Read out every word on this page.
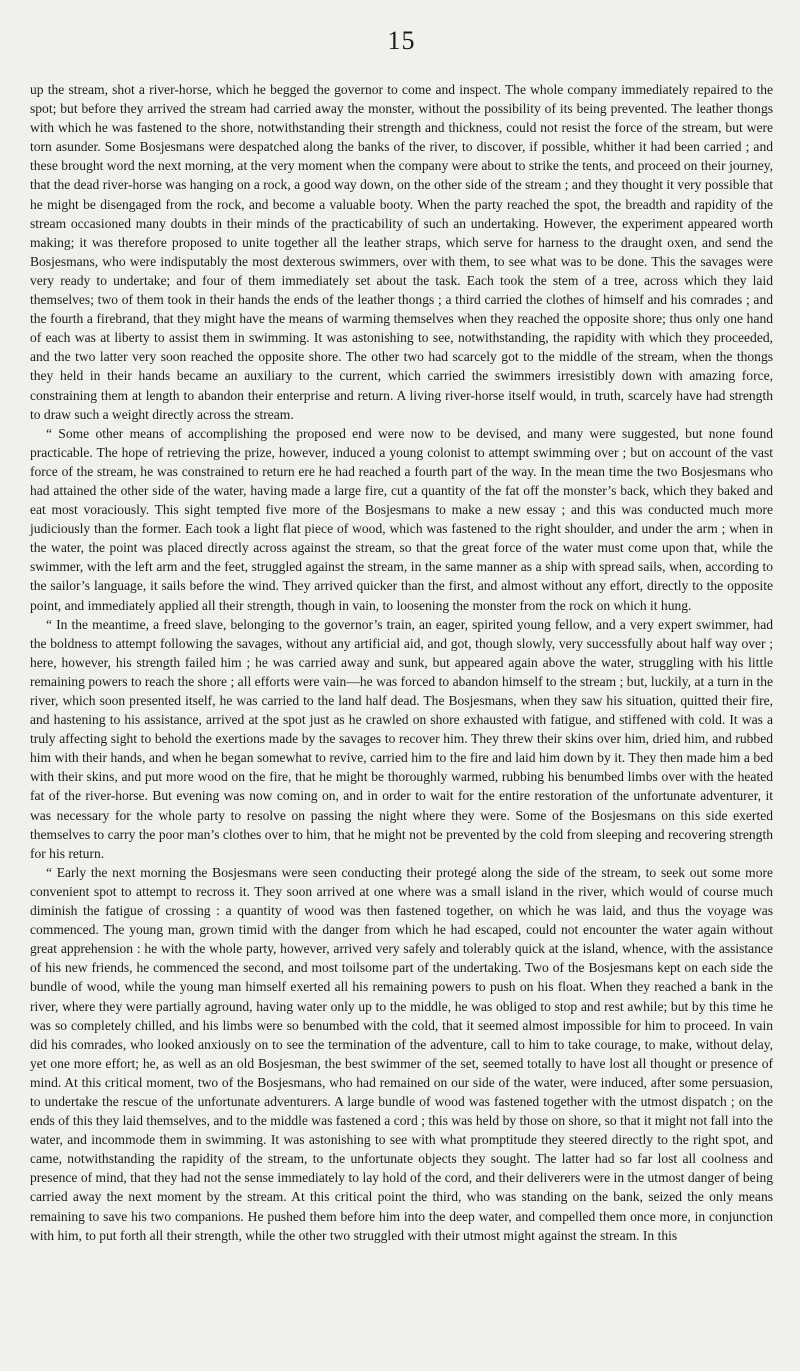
15

up the stream, shot a river-horse, which he begged the governor to come and inspect. The whole company immediately repaired to the spot; but before they arrived the stream had carried away the monster, without the possibility of its being prevented. The leather thongs with which he was fastened to the shore, notwithstanding their strength and thickness, could not resist the force of the stream, but were torn asunder. Some Bosjesmans were despatched along the banks of the river, to discover, if possible, whither it had been carried ; and these brought word the next morning, at the very moment when the company were about to strike the tents, and proceed on their journey, that the dead river-horse was hanging on a rock, a good way down, on the other side of the stream ; and they thought it very possible that he might be disengaged from the rock, and become a valuable booty. When the party reached the spot, the breadth and rapidity of the stream occasioned many doubts in their minds of the practicability of such an undertaking. However, the experiment appeared worth making; it was therefore proposed to unite together all the leather straps, which serve for harness to the draught oxen, and send the Bosjesmans, who were indisputably the most dexterous swimmers, over with them, to see what was to be done. This the savages were very ready to undertake; and four of them immediately set about the task. Each took the stem of a tree, across which they laid themselves; two of them took in their hands the ends of the leather thongs ; a third carried the clothes of himself and his comrades ; and the fourth a firebrand, that they might have the means of warming themselves when they reached the opposite shore; thus only one hand of each was at liberty to assist them in swimming. It was astonishing to see, notwithstanding, the rapidity with which they proceeded, and the two latter very soon reached the opposite shore. The other two had scarcely got to the middle of the stream, when the thongs they held in their hands became an auxiliary to the current, which carried the swimmers irresistibly down with amazing force, constraining them at length to abandon their enterprise and return. A living river-horse itself would, in truth, scarcely have had strength to draw such a weight directly across the stream.

“ Some other means of accomplishing the proposed end were now to be devised, and many were suggested, but none found practicable. The hope of retrieving the prize, however, induced a young colonist to attempt swimming over ; but on account of the vast force of the stream, he was constrained to return ere he had reached a fourth part of the way. In the mean time the two Bosjesmans who had attained the other side of the water, having made a large fire, cut a quantity of the fat off the monster’s back, which they baked and eat most voraciously. This sight tempted five more of the Bosjesmans to make a new essay ; and this was conducted much more judiciously than the former. Each took a light flat piece of wood, which was fastened to the right shoulder, and under the arm ; when in the water, the point was placed directly across against the stream, so that the great force of the water must come upon that, while the swimmer, with the left arm and the feet, struggled against the stream, in the same manner as a ship with spread sails, when, according to the sailor’s language, it sails before the wind. They arrived quicker than the first, and almost without any effort, directly to the opposite point, and immediately applied all their strength, though in vain, to loosening the monster from the rock on which it hung.

“ In the meantime, a freed slave, belonging to the governor’s train, an eager, spirited young fellow, and a very expert swimmer, had the boldness to attempt following the savages, without any artificial aid, and got, though slowly, very successfully about half way over ; here, however, his strength failed him ; he was carried away and sunk, but appeared again above the water, struggling with his little remaining powers to reach the shore ; all efforts were vain—he was forced to abandon himself to the stream ; but, luckily, at a turn in the river, which soon presented itself, he was carried to the land half dead. The Bosjesmans, when they saw his situation, quitted their fire, and hastening to his assistance, arrived at the spot just as he crawled on shore exhausted with fatigue, and stiffened with cold. It was a truly affecting sight to behold the exertions made by the savages to recover him. They threw their skins over him, dried him, and rubbed him with their hands, and when he began somewhat to revive, carried him to the fire and laid him down by it. They then made him a bed with their skins, and put more wood on the fire, that he might be thoroughly warmed, rubbing his benumbed limbs over with the heated fat of the river-horse. But evening was now coming on, and in order to wait for the entire restoration of the unfortunate adventurer, it was necessary for the whole party to resolve on passing the night where they were. Some of the Bosjesmans on this side exerted themselves to carry the poor man’s clothes over to him, that he might not be prevented by the cold from sleeping and recovering strength for his return.

“ Early the next morning the Bosjesmans were seen conducting their protegé along the side of the stream, to seek out some more convenient spot to attempt to recross it. They soon arrived at one where was a small island in the river, which would of course much diminish the fatigue of crossing : a quantity of wood was then fastened together, on which he was laid, and thus the voyage was commenced. The young man, grown timid with the danger from which he had escaped, could not encounter the water again without great apprehension : he with the whole party, however, arrived very safely and tolerably quick at the island, whence, with the assistance of his new friends, he commenced the second, and most toilsome part of the undertaking. Two of the Bosjesmans kept on each side the bundle of wood, while the young man himself exerted all his remaining powers to push on his float. When they reached a bank in the river, where they were partially aground, having water only up to the middle, he was obliged to stop and rest awhile; but by this time he was so completely chilled, and his limbs were so benumbed with the cold, that it seemed almost impossible for him to proceed. In vain did his comrades, who looked anxiously on to see the termination of the adventure, call to him to take courage, to make, without delay, yet one more effort; he, as well as an old Bosjesman, the best swimmer of the set, seemed totally to have lost all thought or presence of mind. At this critical moment, two of the Bosjesmans, who had remained on our side of the water, were induced, after some persuasion, to undertake the rescue of the unfortunate adventurers. A large bundle of wood was fastened together with the utmost dispatch ; on the ends of this they laid themselves, and to the middle was fastened a cord ; this was held by those on shore, so that it might not fall into the water, and incommode them in swimming. It was astonishing to see with what promptitude they steered directly to the right spot, and came, notwithstanding the rapidity of the stream, to the unfortunate objects they sought. The latter had so far lost all coolness and presence of mind, that they had not the sense immediately to lay hold of the cord, and their deliverers were in the utmost danger of being carried away the next moment by the stream. At this critical point the third, who was standing on the bank, seized the only means remaining to save his two companions. He pushed them before him into the deep water, and compelled them once more, in conjunction with him, to put forth all their strength, while the other two struggled with their utmost might against the stream. In this
